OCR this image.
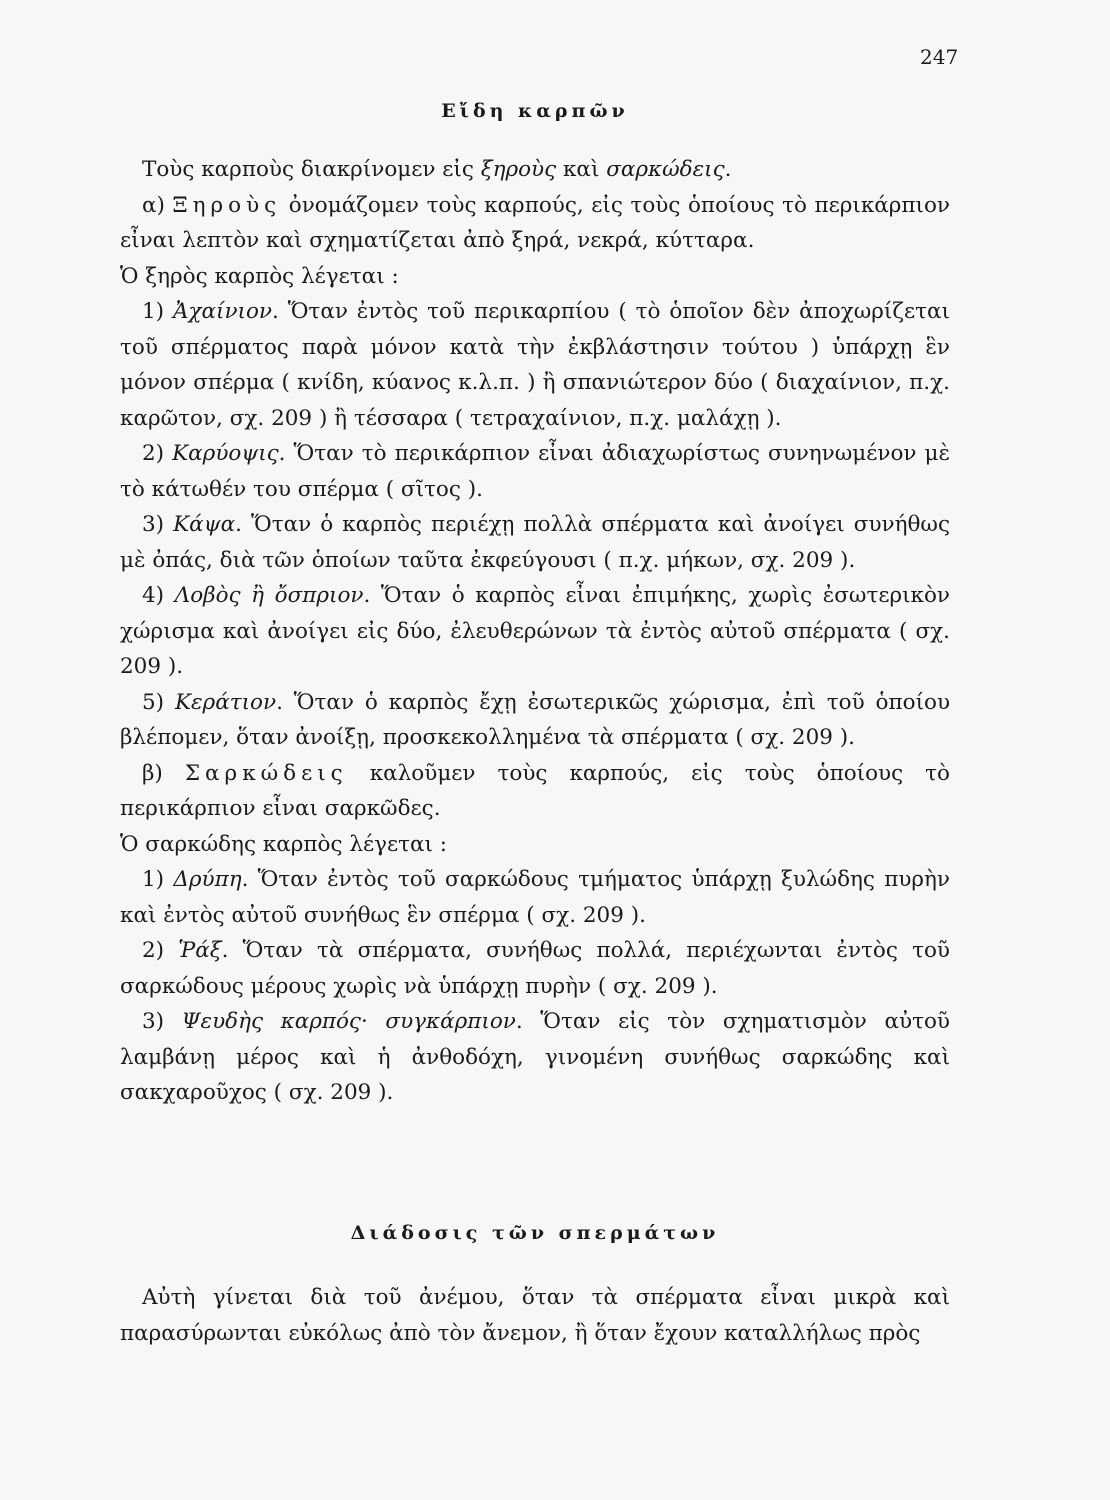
247
Εἴδη καρπῶν

Τοὺς καρποὺς διακρίνομεν εἰς ξηροὺς καὶ σαρκώδεις.

α) Ξηροὺς ὀνομάζομεν τοὺς καρπούς, εἰς τοὺς ὁποίους τὸ περικάρπιον εἶναι λεπτὸν καὶ σχηματίζεται ἀπὸ ξηρά, νεκρά, κύτταρα.

Ὁ ξηρὸς καρπὸς λέγεται :

1) Ἀχαίνιον. Ὅταν ἐντὸς τοῦ περικαρπίου ( τὸ ὁποῖον δὲν ἀποχωρίζεται τοῦ σπέρματος παρὰ μόνον κατὰ τὴν ἐκβλάστησιν τούτου ) ὑπάρχῃ ἓν μόνον σπέρμα ( κνίδη, κύανος κ.λ.π. ) ἢ σπανιώτερον δύο ( διαχαίνιον, π.χ. καρῶτον, σχ. 209 ) ἢ τέσσαρα ( τετραχαίνιον, π.χ. μαλάχῃ ).

2) Καρύοψις. Ὅταν τὸ περικάρπιον εἶναι ἀδιαχωρίστως συνηνωμένον μὲ τὸ κάτωθέν του σπέρμα ( σῖτος ).

3) Κάψα. Ὅταν ὁ καρπὸς περιέχῃ πολλὰ σπέρματα καὶ ἀνοίγει συνήθως μὲ ὀπάς, διὰ τῶν ὁποίων ταῦτα ἐκφεύγουσι ( π.χ. μήκων, σχ. 209 ).

4) Λοβὸς ἢ ὄσπριον. Ὅταν ὁ καρπὸς εἶναι ἐπιμήκης, χωρὶς ἐσωτερικὸν χώρισμα καὶ ἀνοίγει εἰς δύο, ἐλευθερώνων τὰ ἐντὸς αὐτοῦ σπέρματα ( σχ. 209 ).

5) Κεράτιον. Ὅταν ὁ καρπὸς ἔχῃ ἐσωτερικῶς χώρισμα, ἐπὶ τοῦ ὁποίου βλέπομεν, ὅταν ἀνοίξῃ, προσκεκολλημένα τὰ σπέρματα ( σχ. 209 ).

β) Σαρκώδεις καλοῦμεν τοὺς καρπούς, εἰς τοὺς ὁποίους τὸ περικάρπιον εἶναι σαρκῶδες.

Ὁ σαρκώδης καρπὸς λέγεται :

1) Δρύπη. Ὅταν ἐντὸς τοῦ σαρκώδους τμήματος ὑπάρχῃ ξυλώδης πυρὴν καὶ ἐντὸς αὐτοῦ συνήθως ἓν σπέρμα ( σχ. 209 ).

2) Ῥάξ. Ὅταν τὰ σπέρματα, συνήθως πολλά, περιέχωνται ἐντὸς τοῦ σαρκώδους μέρους χωρὶς νὰ ὑπάρχῃ πυρὴν ( σχ. 209 ).

3) Ψευδὴς καρπός· συγκάρπιον. Ὅταν εἰς τὸν σχηματισμὸν αὐτοῦ λαμβάνῃ μέρος καὶ ἡ ἀνθοδόχη, γινομένη συνήθως σαρκώδης καὶ σακχαροῦχος ( σχ. 209 ).

Διάδοσις τῶν σπερμάτων

Αὐτὴ γίνεται διὰ τοῦ ἀνέμου, ὅταν τὰ σπέρματα εἶναι μικρὰ καὶ παρασύρωνται εὐκόλως ἀπὸ τὸν ἄνεμον, ἢ ὅταν ἔχουν καταλλήλως πρὸς
